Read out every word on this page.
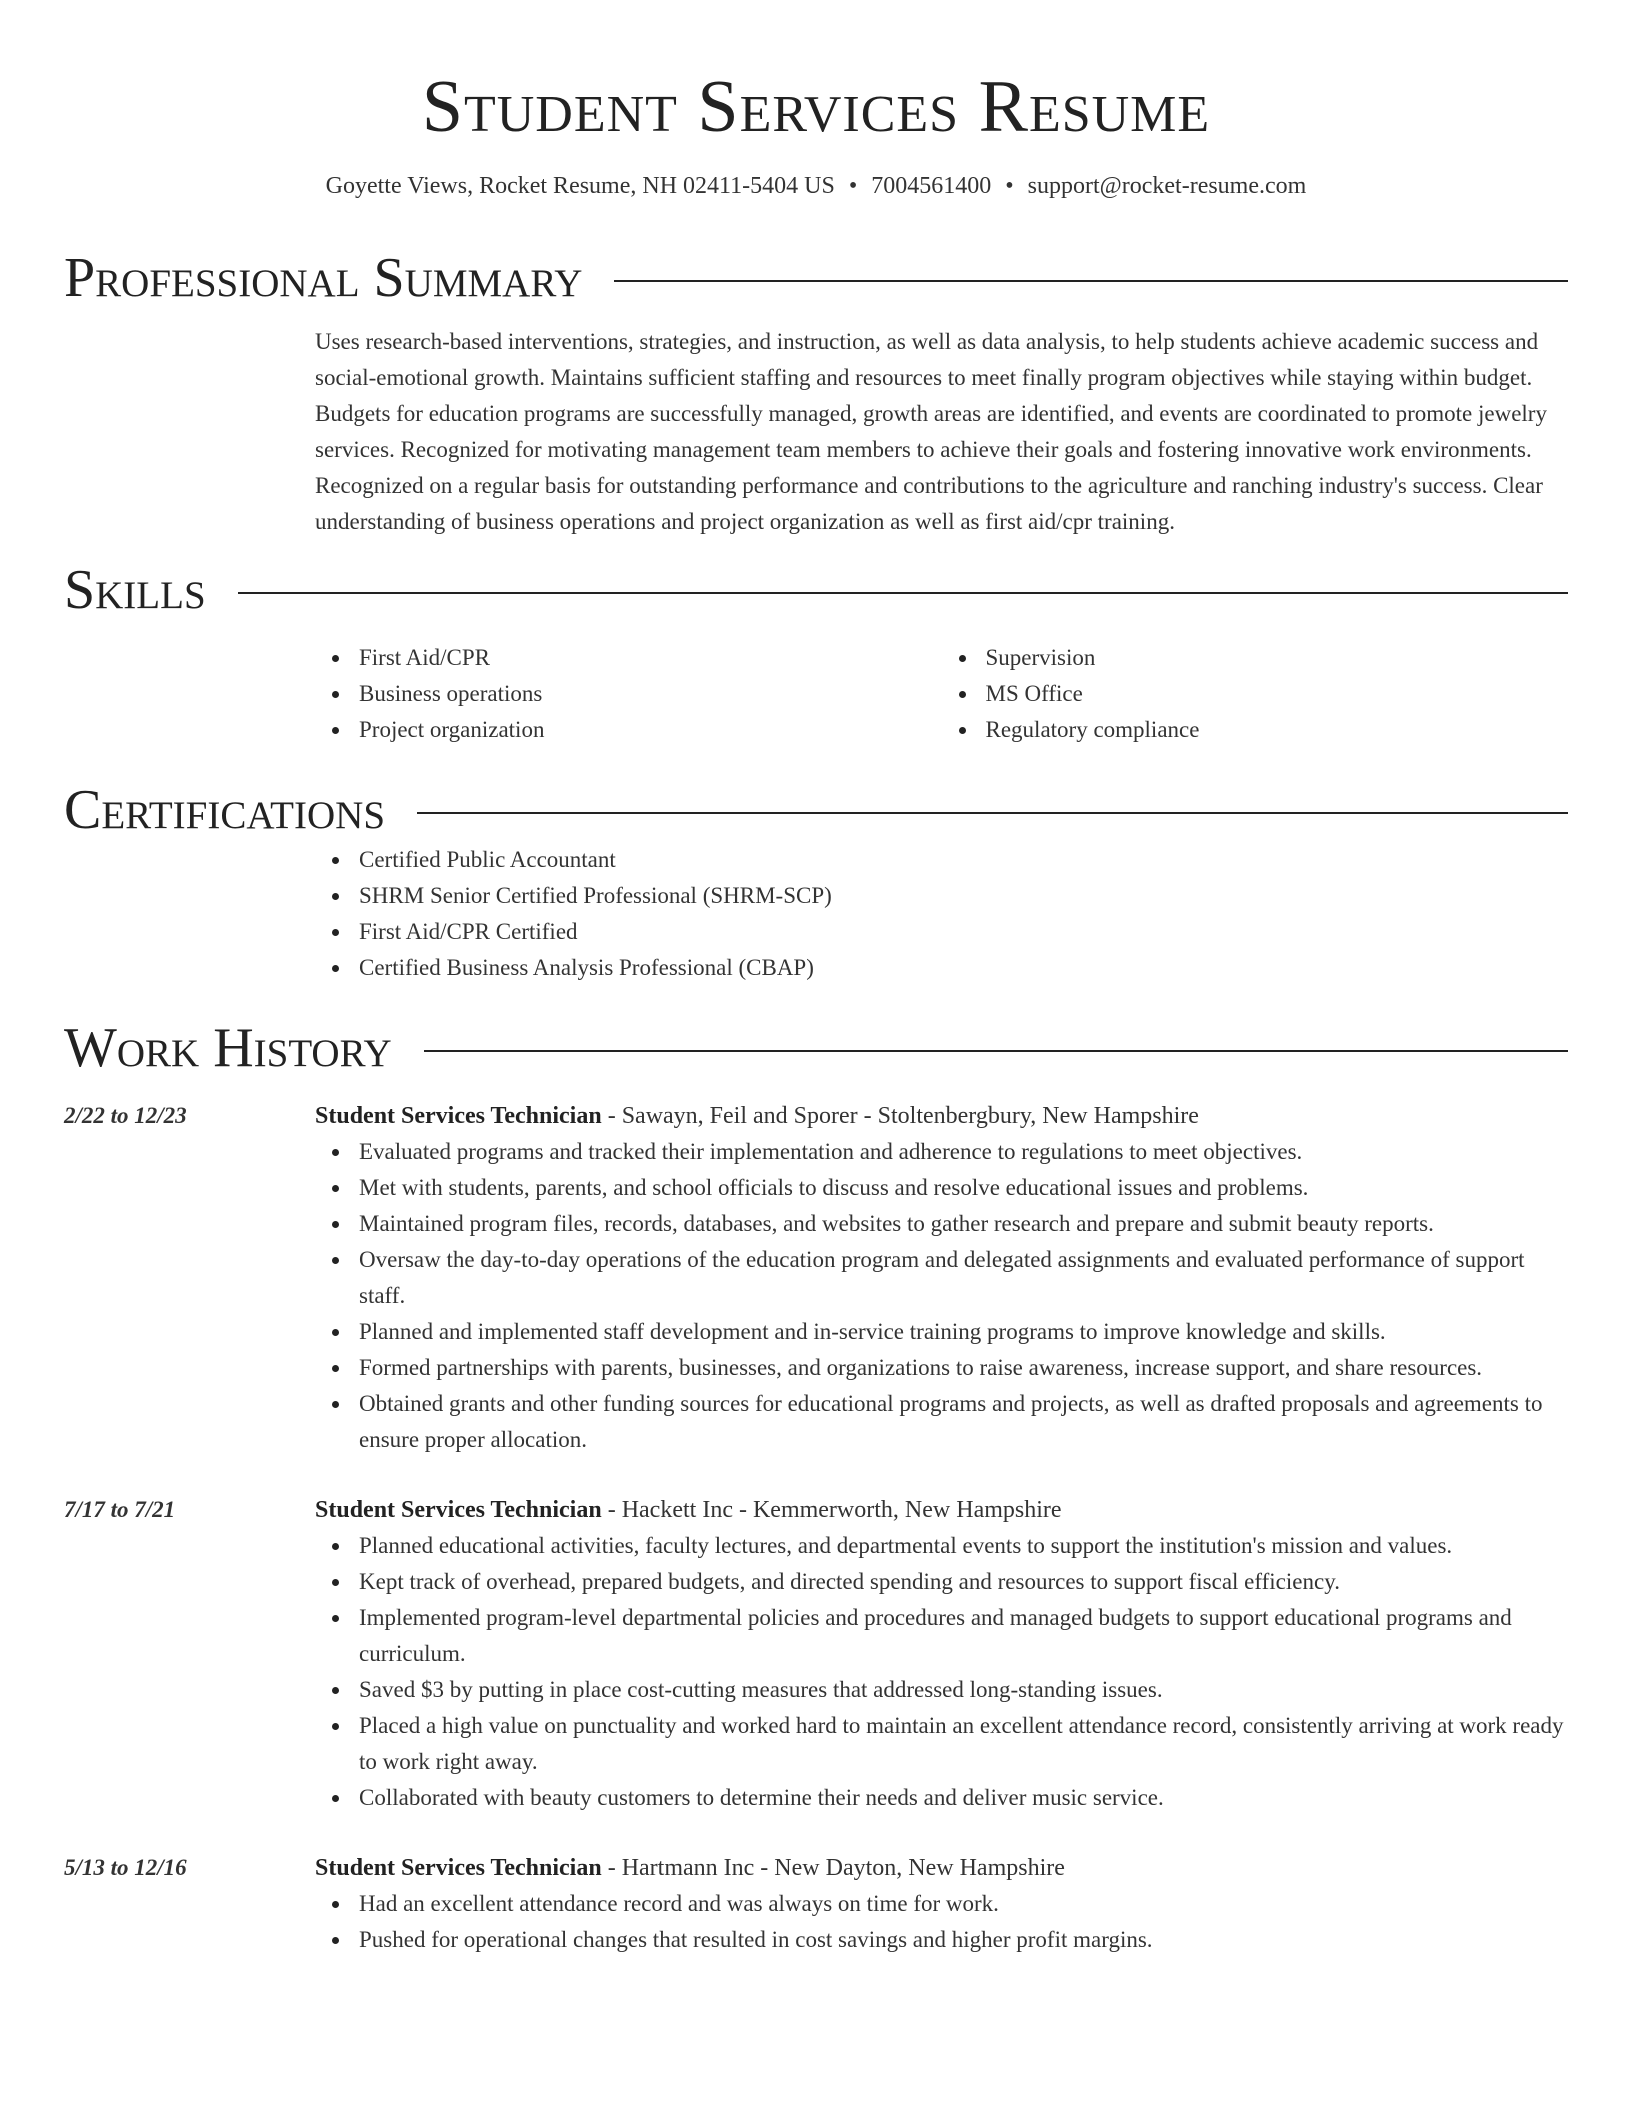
Student Services Resume
Goyette Views, Rocket Resume, NH 02411-5404 US • 7004561400 • support@rocket-resume.com
Professional Summary

Uses research-based interventions, strategies, and instruction, as well as data analysis, to help students achieve academic success and social-emotional growth. Maintains sufficient staffing and resources to meet finally program objectives while staying within budget. Budgets for education programs are successfully managed, growth areas are identified, and events are coordinated to promote jewelry services. Recognized for motivating management team members to achieve their goals and fostering innovative work environments. Recognized on a regular basis for outstanding performance and contributions to the agriculture and ranching industry's success. Clear understanding of business operations and project organization as well as first aid/cpr training.

Skills
First Aid/CPR
Business operations
Project organization
Supervision
MS Office
Regulatory compliance
Certifications
Certified Public Accountant
SHRM Senior Certified Professional (SHRM-SCP)
First Aid/CPR Certified
Certified Business Analysis Professional (CBAP)
Work History
2/22 to 12/23	Student Services Technician - Sawayn, Feil and Sporer - Stoltenbergbury, New Hampshire
Evaluated programs and tracked their implementation and adherence to regulations to meet objectives.
Met with students, parents, and school officials to discuss and resolve educational issues and problems.
Maintained program files, records, databases, and websites to gather research and prepare and submit beauty reports.
Oversaw the day-to-day operations of the education program and delegated assignments and evaluated performance of support staff.
Planned and implemented staff development and in-service training programs to improve knowledge and skills.
Formed partnerships with parents, businesses, and organizations to raise awareness, increase support, and share resources.
Obtained grants and other funding sources for educational programs and projects, as well as drafted proposals and agreements to ensure proper allocation.
7/17 to 7/21	Student Services Technician - Hackett Inc - Kemmerworth, New Hampshire
Planned educational activities, faculty lectures, and departmental events to support the institution's mission and values.
Kept track of overhead, prepared budgets, and directed spending and resources to support fiscal efficiency.
Implemented program-level departmental policies and procedures and managed budgets to support educational programs and curriculum.
Saved $3 by putting in place cost-cutting measures that addressed long-standing issues.
Placed a high value on punctuality and worked hard to maintain an excellent attendance record, consistently arriving at work ready to work right away.
Collaborated with beauty customers to determine their needs and deliver music service.
5/13 to 12/16	Student Services Technician - Hartmann Inc - New Dayton, New Hampshire
Had an excellent attendance record and was always on time for work.
Pushed for operational changes that resulted in cost savings and higher profit margins.
